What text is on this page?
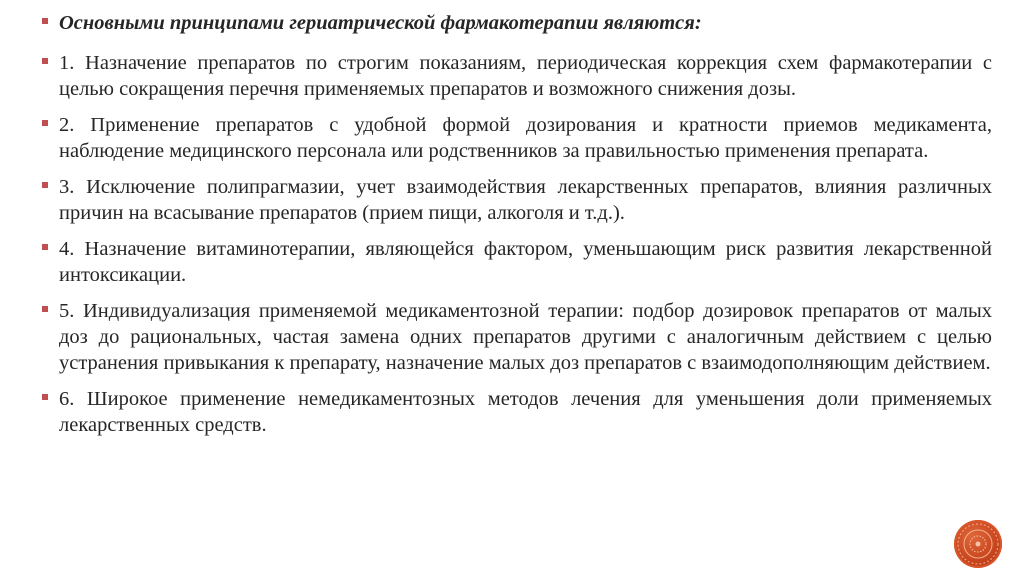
Основными принципами гериатрической фармакотерапии являются:
1. Назначение препаратов по строгим показаниям, периодическая коррекция схем фармакотерапии с целью сокращения перечня применяемых препаратов и возможного снижения дозы.
2. Применение препаратов с удобной формой дозирования и кратности приемов медикамента, наблюдение медицинского персонала или родственников за правильностью применения препарата.
3. Исключение полипрагмазии, учет взаимодействия лекарственных препаратов, влияния различных причин на всасывание препаратов (прием пищи, алкоголя и т.д.).
4. Назначение витаминотерапии, являющейся фактором, уменьшающим риск развития лекарственной интоксикации.
5. Индивидуализация применяемой медикаментозной терапии: подбор дозировок препаратов от малых доз до рациональных, частая замена одних препаратов другими с аналогичным действием с целью устранения привыкания к препарату, назначение малых доз препаратов с взаимодополняющим действием.
6. Широкое применение немедикаментозных методов лечения для уменьшения доли применяемых лекарственных средств.
